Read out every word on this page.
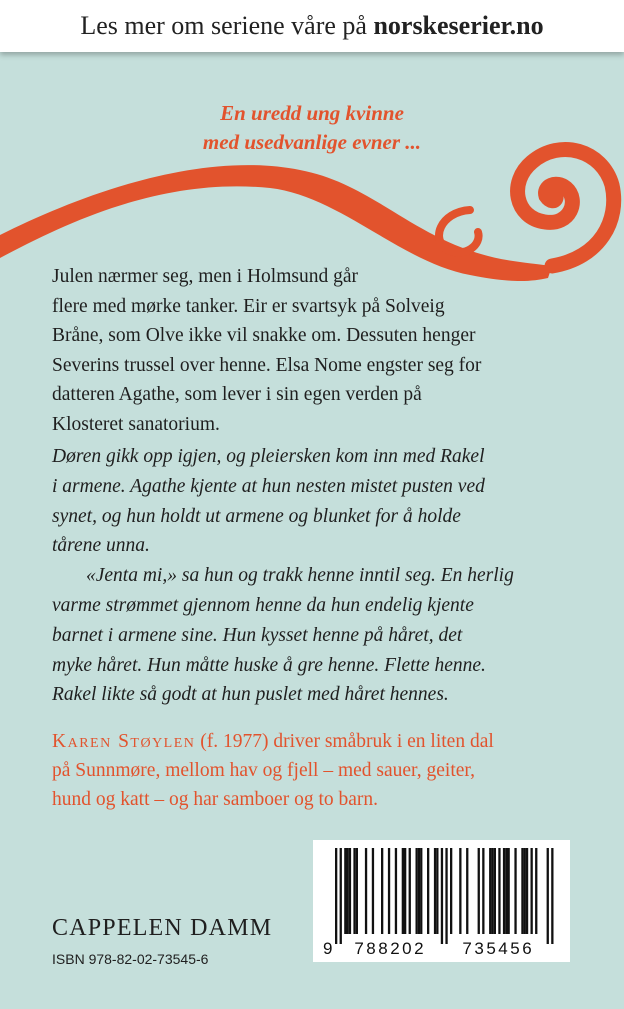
Les mer om seriene våre på norskeserier.no
En uredd ung kvinne
med usedvanlige evner ...
Julen nærmer seg, men i Holmsund går
flere med mørke tanker. Eir er svartsyk på Solveig
Bråne, som Olve ikke vil snakke om. Dessuten henger
Severins trussel over henne. Elsa Nome engster seg for
datteren Agathe, som lever i sin egen verden på
Klosteret sanatorium.
Døren gikk opp igjen, og pleiersken kom inn med Rakel
i armene. Agathe kjente at hun nesten mistet pusten ved
synet, og hun holdt ut armene og blunket for å holde
tårene unna.
«Jenta mi,» sa hun og trakk henne inntil seg. En herlig
varme strømmet gjennom henne da hun endelig kjente
barnet i armene sine. Hun kysset henne på håret, det
myke håret. Hun måtte huske å gre henne. Flette henne.
Rakel likte så godt at hun puslet med håret hennes.
Karen Støylen (f. 1977) driver småbruk i en liten dal
på Sunnmøre, mellom hav og fjell – med sauer, geiter,
hund og katt – og har samboer og to barn.
9 788202 735456
CAPPELEN DAMM
ISBN 978-82-02-73545-6
